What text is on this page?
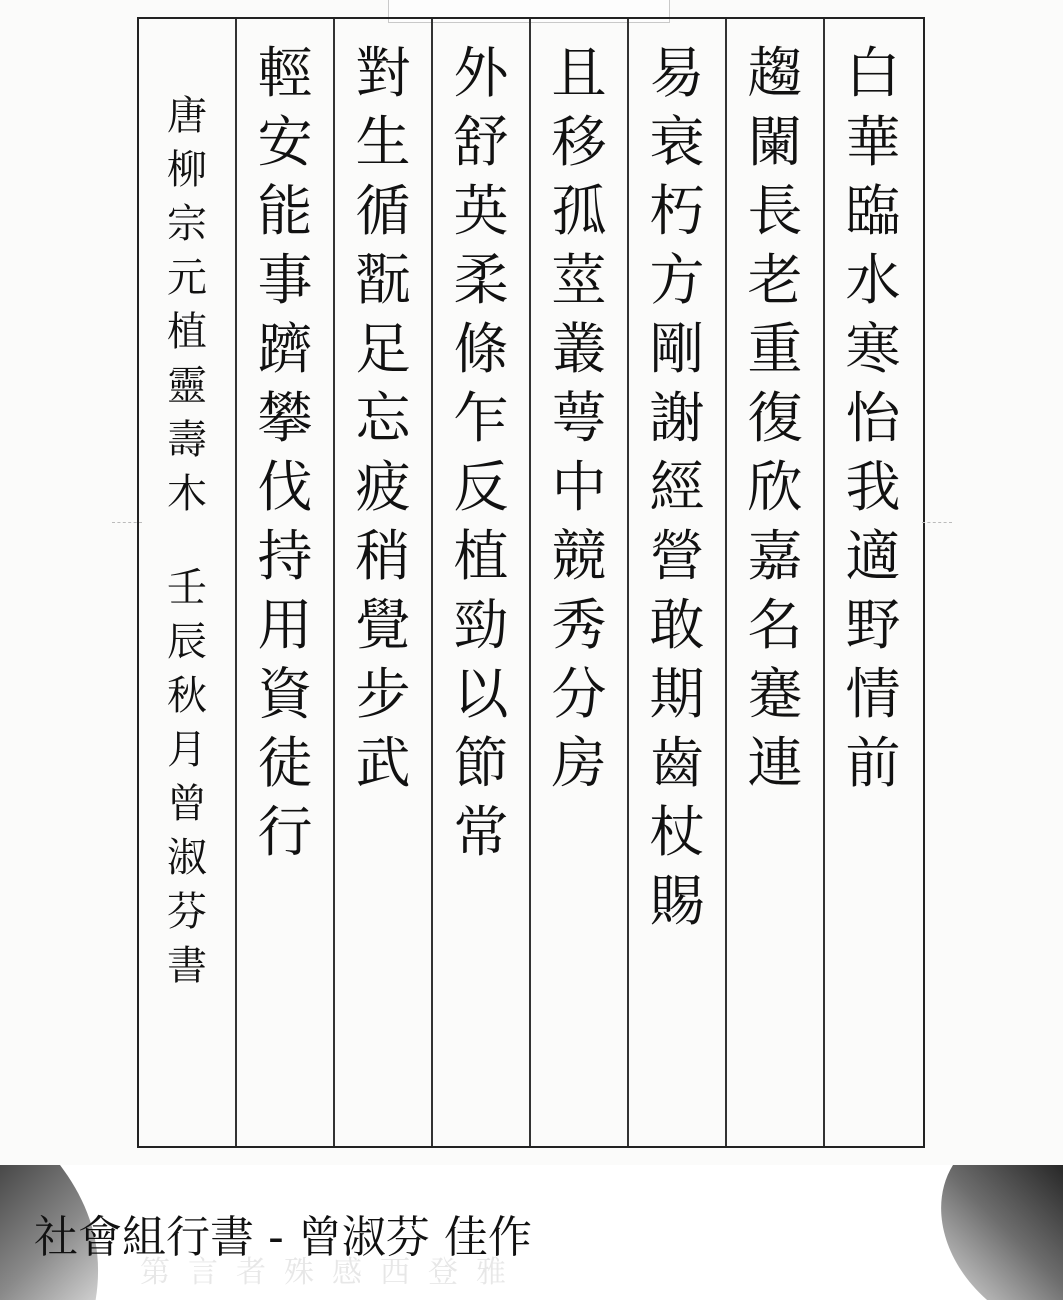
白
華
臨
水
寒
怡
我
適
野
情
前
趨
闌
長
老
重
復
欣
嘉
名
蹇
連
易
衰
朽
方
剛
謝
經
營
敢
期
齒
杖
賜
且
移
孤
莖
叢
萼
中
競
秀
分
房
外
舒
英
柔
條
乍
反
植
勁
以
節
常
對
生
循
翫
足
忘
疲
稍
覺
步
武
輕
安
能
事
躋
攀
伐
持
用
資
徒
行
唐
柳
宗
元
植
靈
壽
木
壬
辰
秋
月
曾
淑
芬
書
第言者殊感西登雅
社會組行書 - 曾淑芬 佳作
